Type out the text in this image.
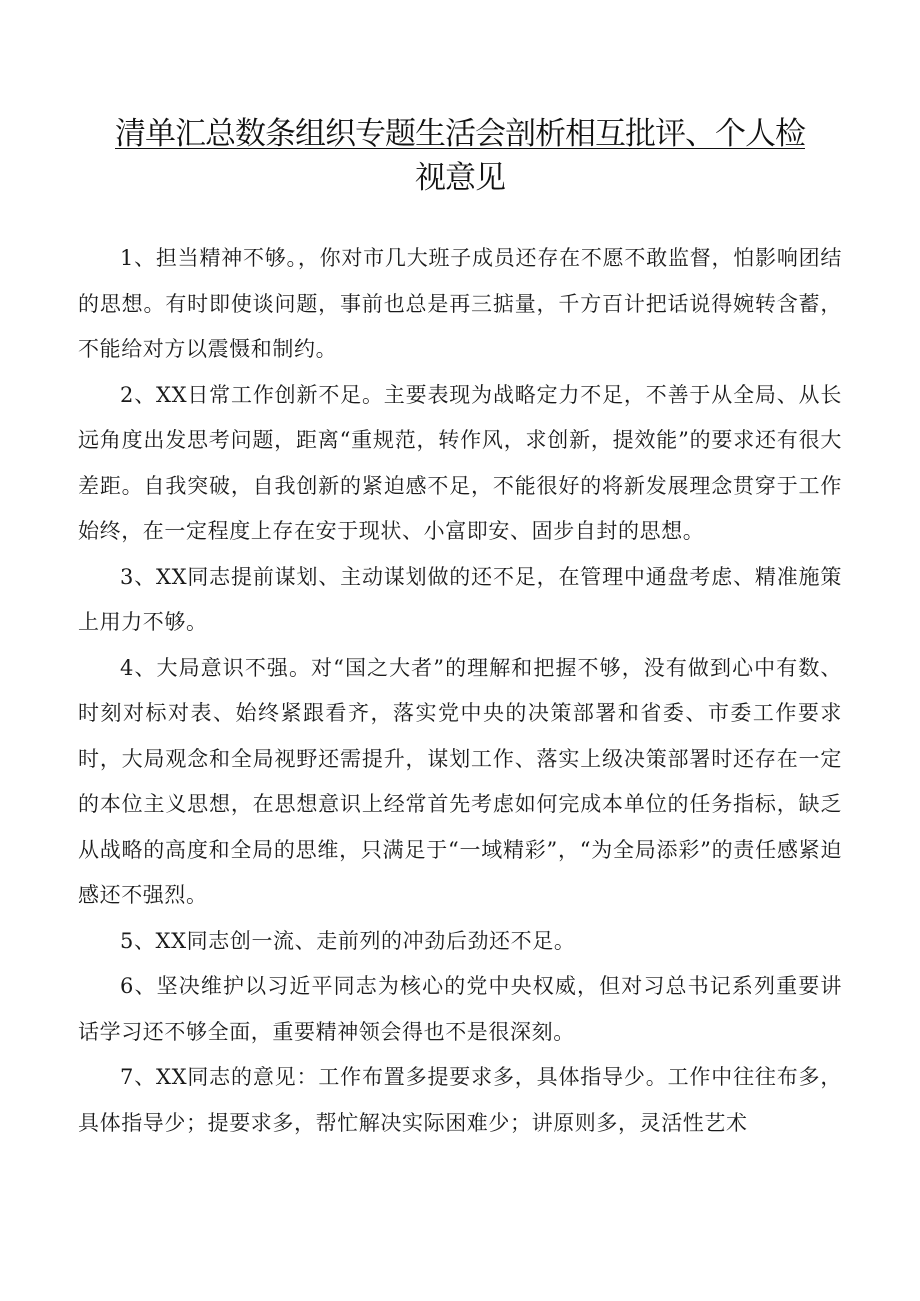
清单汇总数条组织专题生活会剖析相互批评、个人检
视意见

1、担当精神不够。，你对市几大班子成员还存在不愿不敢监督，怕影响团结的思想。有时即使谈问题，事前也总是再三掂量，千方百计把话说得婉转含蓄，不能给对方以震慑和制约。

2、XX日常工作创新不足。主要表现为战略定力不足，不善于从全局、从长远角度出发思考问题，距离“重规范，转作风，求创新，提效能”的要求还有很大差距。自我突破，自我创新的紧迫感不足，不能很好的将新发展理念贯穿于工作始终，在一定程度上存在安于现状、小富即安、固步自封的思想。

3、XX同志提前谋划、主动谋划做的还不足，在管理中通盘考虑、精准施策上用力不够。

4、大局意识不强。对“国之大者”的理解和把握不够，没有做到心中有数、时刻对标对表、始终紧跟看齐，落实党中央的决策部署和省委、市委工作要求时，大局观念和全局视野还需提升，谋划工作、落实上级决策部署时还存在一定的本位主义思想，在思想意识上经常首先考虑如何完成本单位的任务指标，缺乏从战略的高度和全局的思维，只满足于“一域精彩”，“为全局添彩”的责任感紧迫感还不强烈。

5、XX同志创一流、走前列的冲劲后劲还不足。

6、坚决维护以习近平同志为核心的党中央权威，但对习总书记系列重要讲话学习还不够全面，重要精神领会得也不是很深刻。

7、XX同志的意见：工作布置多提要求多，具体指导少。工作中往往布多，具体指导少；提要求多，帮忙解决实际困难少；讲原则多，灵活性艺术
